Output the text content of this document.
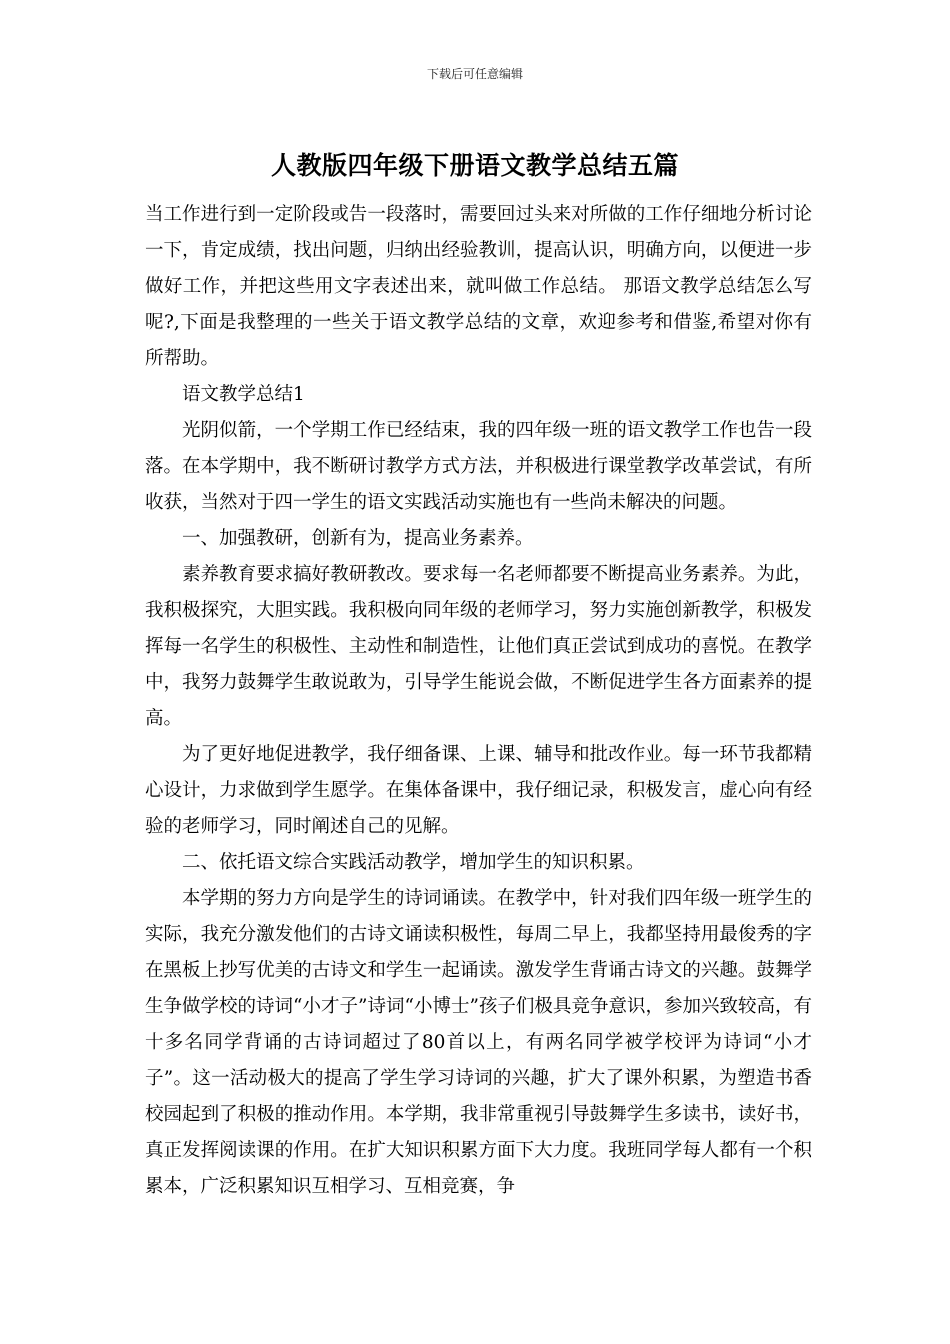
下载后可任意编辑
人教版四年级下册语文教学总结五篇

当工作进行到一定阶段或告一段落时，需要回过头来对所做的工作仔细地分析讨论一下，肯定成绩，找出问题，归纳出经验教训，提高认识，明确方向，以便进一步做好工作，并把这些用文字表述出来，就叫做工作总结。 那语文教学总结怎么写呢?,下面是我整理的一些关于语文教学总结的文章，欢迎参考和借鉴,希望对你有所帮助。

语文教学总结1

光阴似箭，一个学期工作已经结束，我的四年级一班的语文教学工作也告一段落。在本学期中，我不断研讨教学方式方法，并积极进行课堂教学改革尝试，有所收获，当然对于四一学生的语文实践活动实施也有一些尚未解决的问题。

一、加强教研，创新有为，提高业务素养。

素养教育要求搞好教研教改。要求每一名老师都要不断提高业务素养。为此，我积极探究，大胆实践。我积极向同年级的老师学习，努力实施创新教学，积极发挥每一名学生的积极性、主动性和制造性，让他们真正尝试到成功的喜悦。在教学中，我努力鼓舞学生敢说敢为，引导学生能说会做，不断促进学生各方面素养的提高。

为了更好地促进教学，我仔细备课、上课、辅导和批改作业。每一环节我都精心设计，力求做到学生愿学。在集体备课中，我仔细记录，积极发言，虚心向有经验的老师学习，同时阐述自己的见解。

二、依托语文综合实践活动教学，增加学生的知识积累。

本学期的努力方向是学生的诗词诵读。在教学中，针对我们四年级一班学生的实际，我充分激发他们的古诗文诵读积极性，每周二早上，我都坚持用最俊秀的字在黑板上抄写优美的古诗文和学生一起诵读。激发学生背诵古诗文的兴趣。鼓舞学生争做学校的诗词“小才子”诗词“小博士”孩子们极具竞争意识，参加兴致较高，有十多名同学背诵的古诗词超过了80首以上，有两名同学被学校评为诗词“小才子”。这一活动极大的提高了学生学习诗词的兴趣，扩大了课外积累，为塑造书香校园起到了积极的推动作用。本学期，我非常重视引导鼓舞学生多读书，读好书，真正发挥阅读课的作用。在扩大知识积累方面下大力度。我班同学每人都有一个积累本，广泛积累知识互相学习、互相竞赛，争
